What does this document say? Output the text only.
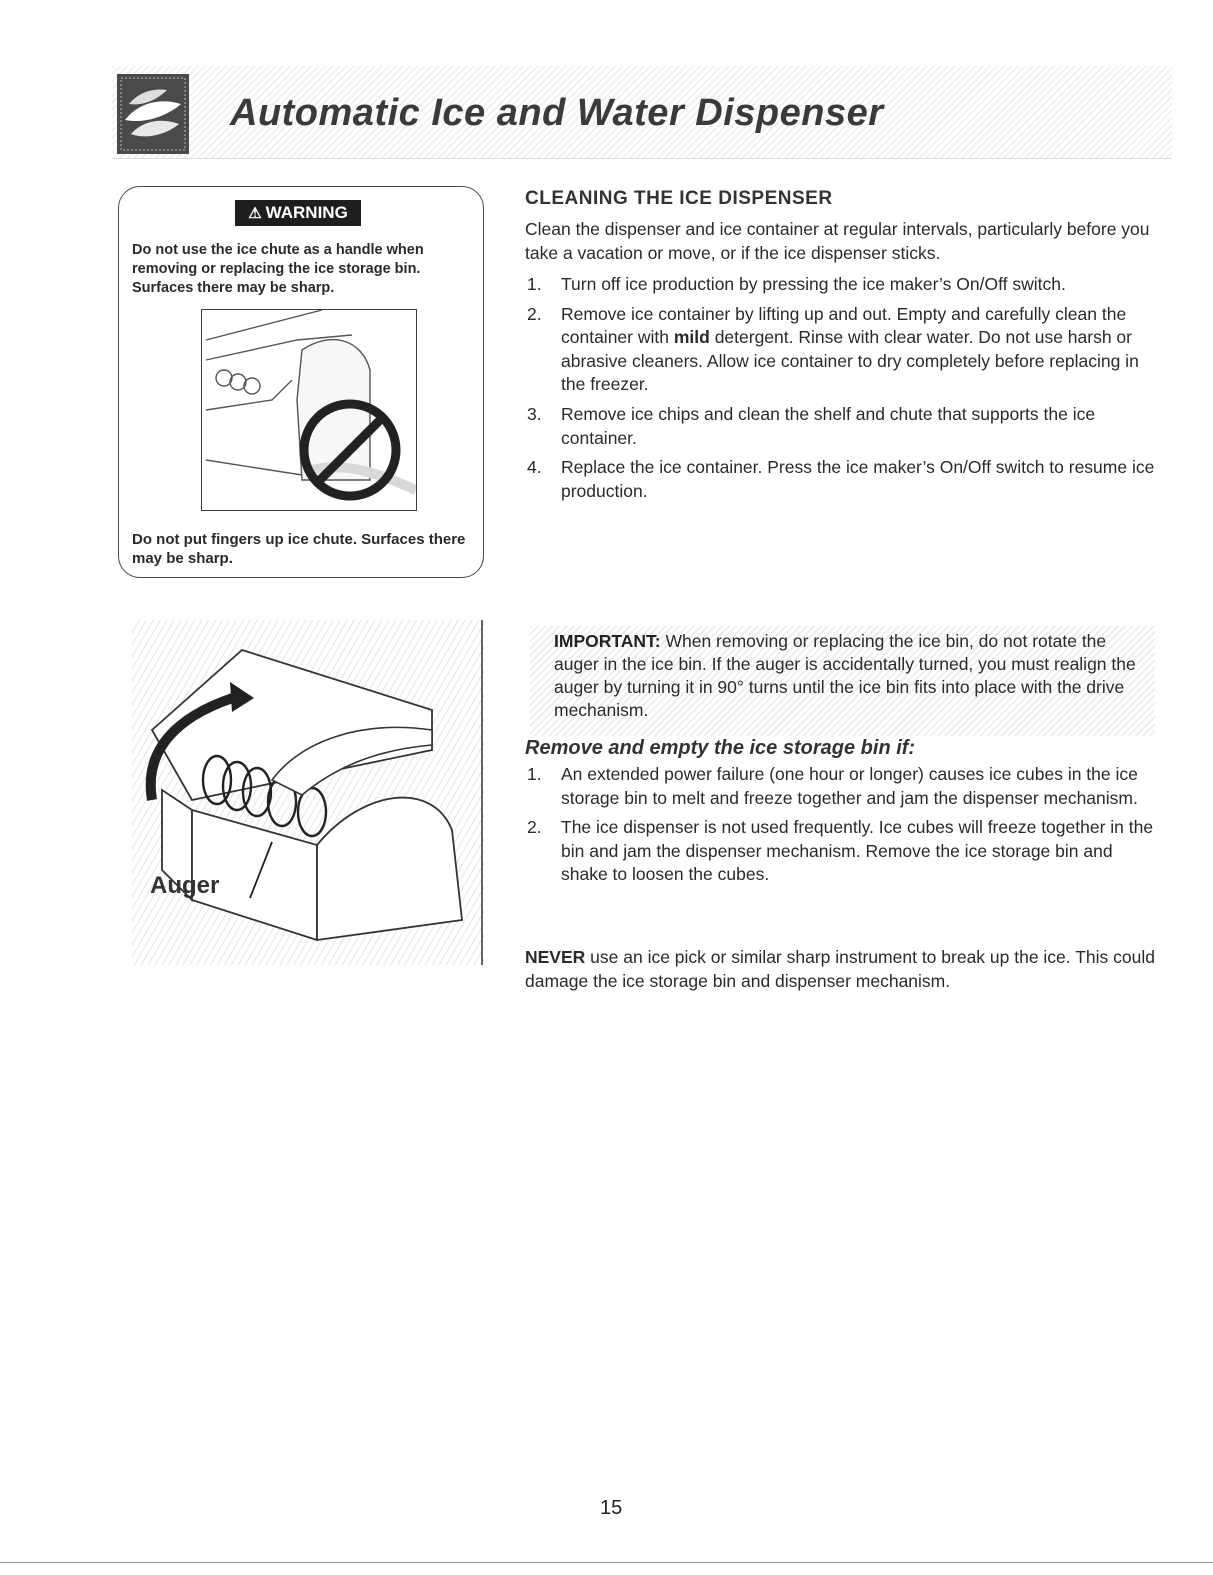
Automatic Ice and Water Dispenser
⚠ WARNING
Do not use the ice chute as a handle when removing or replacing the ice storage bin. Surfaces there may be sharp.
Do not put fingers up ice chute. Surfaces there may be sharp.
Auger
CLEANING THE ICE DISPENSER
Clean the dispenser and ice container at regular intervals, particularly before you take a vacation or move, or if the ice dispenser sticks.
1. Turn off ice production by pressing the ice maker’s On/Off switch.
2. Remove ice container by lifting up and out. Empty and carefully clean the container with mild detergent. Rinse with clear water. Do not use harsh or abrasive cleaners. Allow ice container to dry completely before replacing in the freezer.
3. Remove ice chips and clean the shelf and chute that supports the ice container.
4. Replace the ice container. Press the ice maker’s On/Off switch to resume ice production.
IMPORTANT: When removing or replacing the ice bin, do not rotate the auger in the ice bin. If the auger is accidentally turned, you must realign the auger by turning it in 90° turns until the ice bin fits into place with the drive mechanism.
Remove and empty the ice storage bin if:
1. An extended power failure (one hour or longer) causes ice cubes in the ice storage bin to melt and freeze together and jam the dispenser mechanism.
2. The ice dispenser is not used frequently. Ice cubes will freeze together in the bin and jam the dispenser mechanism. Remove the ice storage bin and shake to loosen the cubes.
NEVER use an ice pick or similar sharp instrument to break up the ice. This could damage the ice storage bin and dispenser mechanism.
15
